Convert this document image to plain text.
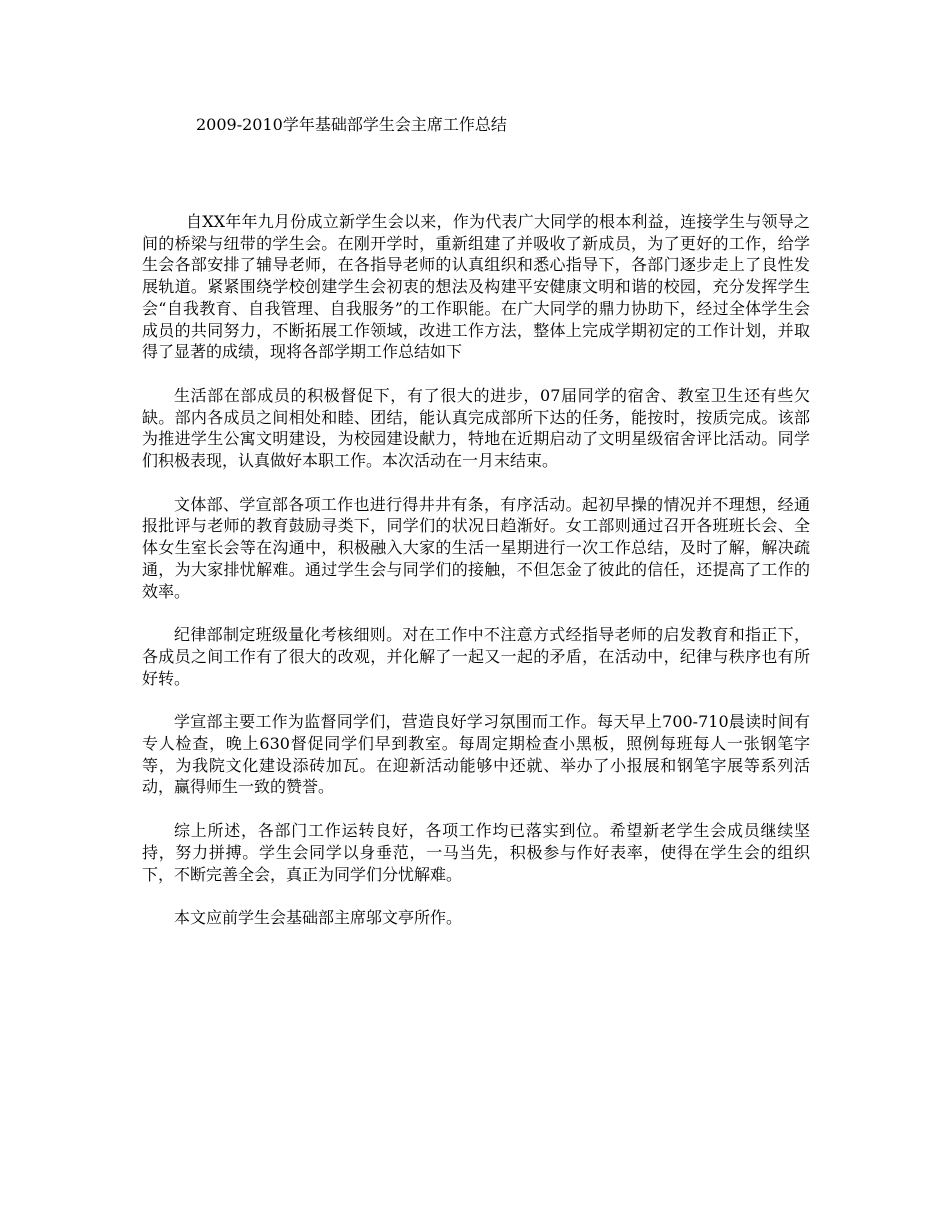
2009-2010学年基础部学生会主席工作总结

自XX年年九月份成立新学生会以来，作为代表广大同学的根本利益，连接学生与领导之间的桥梁与纽带的学生会。在刚开学时，重新组建了并吸收了新成员，为了更好的工作，给学生会各部安排了辅导老师，在各指导老师的认真组织和悉心指导下，各部门逐步走上了良性发展轨道。紧紧围绕学校创建学生会初衷的想法及构建平安健康文明和谐的校园，充分发挥学生会“自我教育、自我管理、自我服务”的工作职能。在广大同学的鼎力协助下，经过全体学生会成员的共同努力，不断拓展工作领域，改进工作方法，整体上完成学期初定的工作计划，并取得了显著的成绩，现将各部学期工作总结如下

生活部在部成员的积极督促下，有了很大的进步，07届同学的宿舍、教室卫生还有些欠缺。部内各成员之间相处和睦、团结，能认真完成部所下达的任务，能按时，按质完成。该部为推进学生公寓文明建设，为校园建设献力，特地在近期启动了文明星级宿舍评比活动。同学们积极表现，认真做好本职工作。本次活动在一月末结束。

文体部、学宣部各项工作也进行得井井有条，有序活动。起初早操的情况并不理想，经通报批评与老师的教育鼓励寻类下，同学们的状况日趋渐好。女工部则通过召开各班班长会、全体女生室长会等在沟通中，积极融入大家的生活一星期进行一次工作总结，及时了解，解决疏通，为大家排忧解难。通过学生会与同学们的接触，不但怎金了彼此的信任，还提高了工作的效率。

纪律部制定班级量化考核细则。对在工作中不注意方式经指导老师的启发教育和指正下，各成员之间工作有了很大的改观，并化解了一起又一起的矛盾，在活动中，纪律与秩序也有所好转。

学宣部主要工作为监督同学们，营造良好学习氛围而工作。每天早上700-710晨读时间有专人检查，晚上630督促同学们早到教室。每周定期检查小黑板，照例每班每人一张钢笔字等，为我院文化建设添砖加瓦。在迎新活动能够中还就、举办了小报展和钢笔字展等系列活动，赢得师生一致的赞誉。

综上所述，各部门工作运转良好，各项工作均已落实到位。希望新老学生会成员继续坚持，努力拼搏。学生会同学以身垂范，一马当先，积极参与作好表率，使得在学生会的组织下，不断完善全会，真正为同学们分忧解难。

本文应前学生会基础部主席邬文亭所作。
